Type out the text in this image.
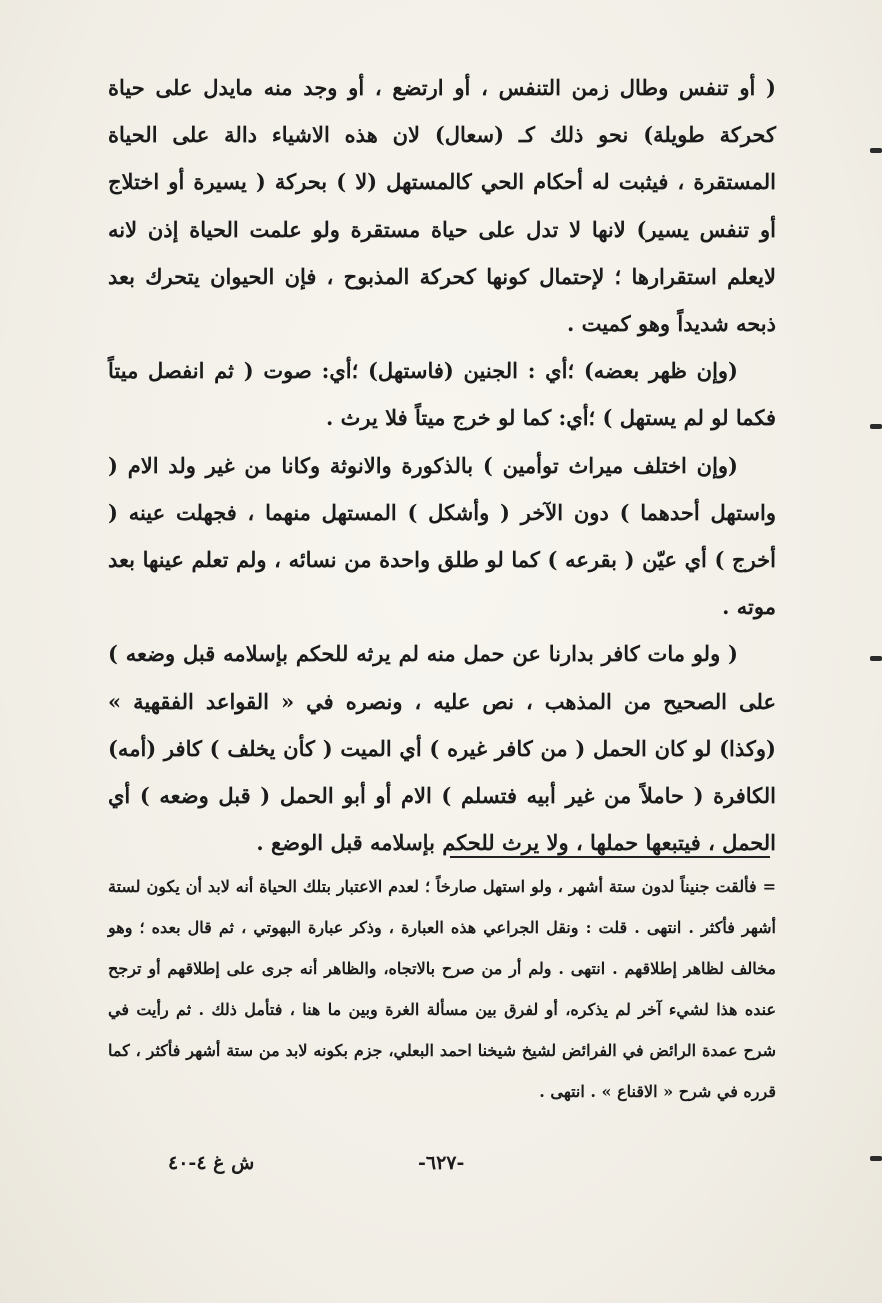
( أو تنفس وطال زمن التنفس ، أو ارتضع ، أو وجد منه مايدل على حياة كحركة طويلة) نحو ذلك كـ (سعال) لان هذه الاشياء دالة على الحياة المستقرة ، فيثبت له أحكام الحي كالمستهل (لا ) بحركة ( يسيرة أو اختلاج أو تنفس يسير) لانها لا تدل على حياة مستقرة ولو علمت الحياة إذن لانه لايعلم استقرارها ؛ لإحتمال كونها كحركة المذبوح ، فإن الحيوان يتحرك بعد ذبحه شديداً وهو كميت .

(وإن ظهر بعضه) ؛أي : الجنين (فاستهل) ؛أي: صوت ( ثم انفصل ميتاً فكما لو لم يستهل ) ؛أي: كما لو خرج ميتاً فلا يرث .

(وإن اختلف ميراث توأمين ) بالذكورة والانوثة وكانا من غير ولد الام ( واستهل أحدهما ) دون الآخر ( وأشكل ) المستهل منهما ، فجهلت عينه ( أخرج ) أي عيّن ( بقرعه ) كما لو طلق واحدة من نسائه ، ولم تعلم عينها بعد موته .

( ولو مات كافر بدارنا عن حمل منه لم يرثه للحكم بإسلامه قبل وضعه ) على الصحيح من المذهب ، نص عليه ، ونصره في « القواعد الفقهية » (وكذا) لو كان الحمل ( من كافر غيره ) أي الميت ( كأن يخلف ) كافر (أمه) الكافرة ( حاملاً من غير أبيه فتسلم ) الام أو أبو الحمل ( قبل وضعه ) أي الحمل ، فيتبعها حملها ، ولا يرث للحكم بإسلامه قبل الوضع .

= فألقت جنيناً لدون ستة أشهر ، ولو استهل صارخاً ؛ لعدم الاعتبار بتلك الحياة أنه لابد أن يكون لستة أشهر فأكثر . انتهى . قلت : ونقل الجراعي هذه العبارة ، وذكر عبارة البهوتي ، ثم قال بعده ؛ وهو مخالف لظاهر إطلاقهم . انتهى . ولم أر من صرح بالاتجاه، والظاهر أنه جرى على إطلاقهم أو ترجح عنده هذا لشيء آخر لم يذكره، أو لفرق بين مسألة الغرة وبين ما هنا ، فتأمل ذلك . ثم رأيت في شرح عمدة الرائض في الفرائض لشيخ شيخنا احمد البعلي، جزم بكونه لابد من ستة أشهر فأكثر ، كما قرره في شرح « الاقناع » . انتهى .

-٦٢٧-
ش غ ٤-٤٠
